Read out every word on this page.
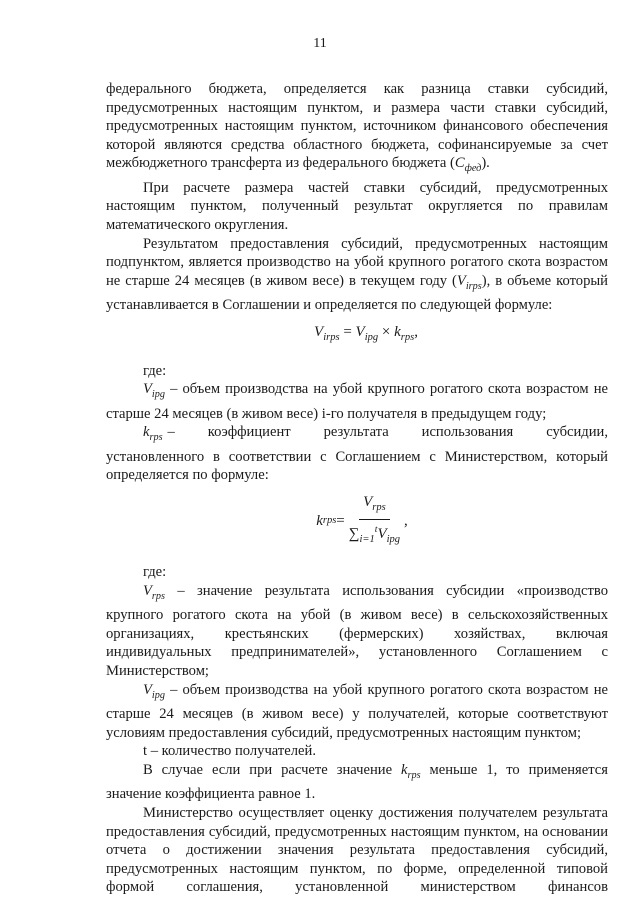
11

федерального бюджета, определяется как разница ставки субсидий, предусмотренных настоящим пунктом, и размера части ставки субсидий, предусмотренных настоящим пунктом, источником финансового обеспечения которой являются средства областного бюджета, софинансируемые за счет межбюджетного трансферта из федерального бюджета $(С_{фед})$.

При расчете размера частей ставки субсидий, предусмотренных настоящим пунктом, полученный результат округляется по правилам математического округления.

Результатом предоставления субсидий, предусмотренных настоящим подпунктом, является производство на убой крупного рогатого скота возрастом не старше 24 месяцев (в живом весе) в текущем году $(V_{irps})$, в объеме который устанавливается в Соглашении и определяется по следующей формуле:

$V_{irps} = V_{ipg} \times k_{rps}$,

где:

$V_{ipg}$ – объем производства на убой крупного рогатого скота возрастом не старше 24 месяцев (в живом весе) i-го получателя в предыдущем году;

$k_{rps}$ – коэффициент результата использования субсидии, установленного в соответствии с Соглашением с Министерством, который определяется по формуле:

k rps = $\frac{V_{rps}}{\sum_{i=1}^tV_{ipg}}$ ,

где:

$V_{rps}$ – значение результата использования субсидии «производство крупного рогатого скота на убой (в живом весе) в сельскохозяйственных организациях, крестьянских (фермерских) хозяйствах, включая индивидуальных предпринимателей», установленного Соглашением с Министерством;

$V_{ipg}$ – объем производства на убой крупного рогатого скота возрастом не старше 24 месяцев (в живом весе) у получателей, которые соответствуют условиям предоставления субсидий, предусмотренных настоящим пунктом;

t – количество получателей.

В случае если при расчете значение $k_{rps}$ меньше 1, то применяется значение коэффициента равное 1.

Министерство осуществляет оценку достижения получателем результата предоставления субсидий, предусмотренных настоящим пунктом, на основании отчета о достижении значения результата предоставления субсидий, предусмотренных настоящим пунктом, по форме, определенной типовой формой соглашения, установленной министерством финансов
